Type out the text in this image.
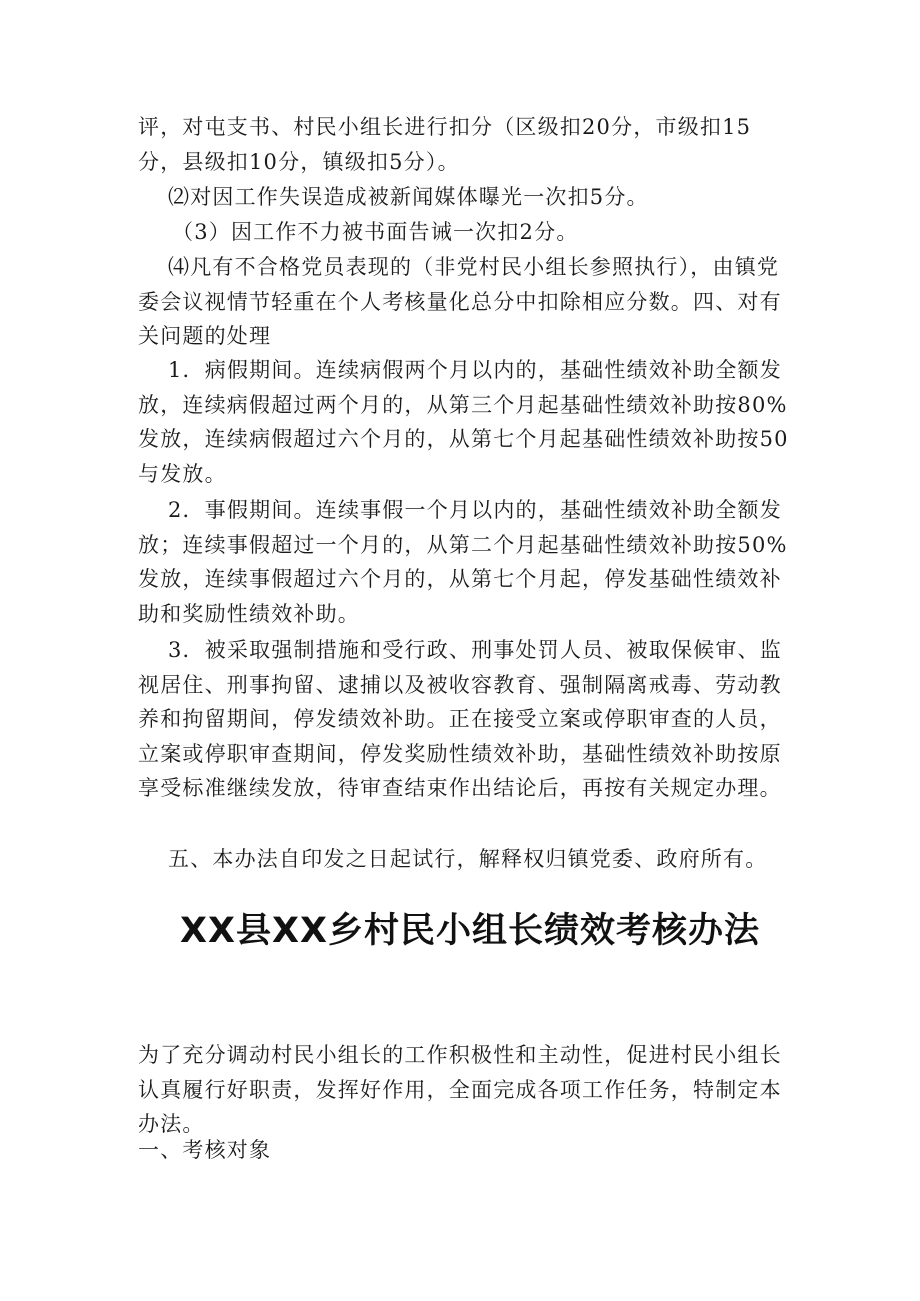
评，对屯支书、村民小组长进行扣分（区级扣20分，市级扣15分，县级扣10分，镇级扣5分）。

⑵对因工作失误造成被新闻媒体曝光一次扣5分。

（3）因工作不力被书面告诫一次扣2分。

⑷凡有不合格党员表现的（非党村民小组长参照执行），由镇党委会议视情节轻重在个人考核量化总分中扣除相应分数。四、对有关问题的处理

1．病假期间。连续病假两个月以内的，基础性绩效补助全额发放，连续病假超过两个月的，从第三个月起基础性绩效补助按80%发放，连续病假超过六个月的，从第七个月起基础性绩效补助按50与发放。

2．事假期间。连续事假一个月以内的，基础性绩效补助全额发放；连续事假超过一个月的，从第二个月起基础性绩效补助按50%发放，连续事假超过六个月的，从第七个月起，停发基础性绩效补助和奖励性绩效补助。

3．被采取强制措施和受行政、刑事处罚人员、被取保候审、监视居住、刑事拘留、逮捕以及被收容教育、强制隔离戒毒、劳动教养和拘留期间，停发绩效补助。正在接受立案或停职审查的人员，立案或停职审查期间，停发奖励性绩效补助，基础性绩效补助按原享受标准继续发放，待审查结束作出结论后，再按有关规定办理。

五、本办法自印发之日起试行，解释权归镇党委、政府所有。

XX县XX乡村民小组长绩效考核办法

为了充分调动村民小组长的工作积极性和主动性，促进村民小组长认真履行好职责，发挥好作用，全面完成各项工作任务，特制定本办法。

一、考核对象
